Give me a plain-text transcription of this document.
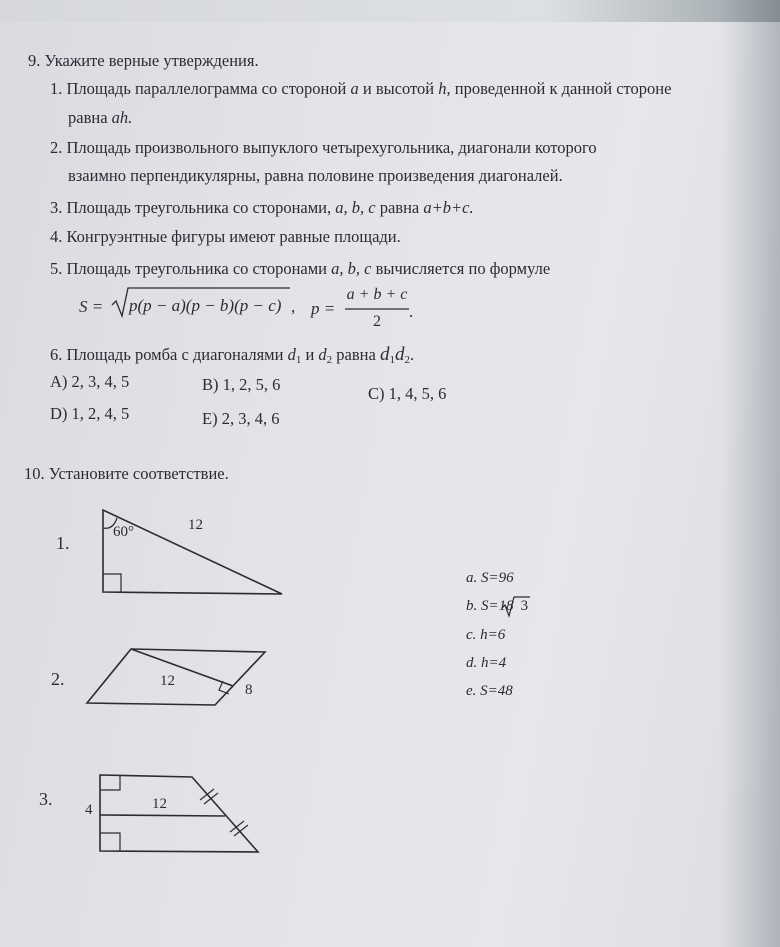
9. Укажите верные утверждения.
1. Площадь параллелограмма со стороной a и высотой h, проведенной к данной стороне
равна ah.
2. Площадь произвольного выпуклого четырехугольника, диагонали которого
взаимно перпендикулярны, равна половине произведения диагоналей.
3. Площадь треугольника со сторонами, a, b, c равна a+b+c.
4. Конгруэнтные фигуры имеют равные площади.
5. Площадь треугольника со сторонами a, b, c вычисляется по формуле
S = p(p − a)(p − b)(p − c) , p =
a + b + c
2
.
6. Площадь ромба с диагоналями $d_1$ и $d_2$ равна $d_1d_2$.
A) 2, 3, 4, 5	B) 1, 2, 5, 6	C) 1, 4, 5, 6
D) 1, 2, 4, 5	E) 2, 3, 4, 6
10. Установите соответствие.
1.
60°	12
2.	12
8
3.
4	12
a. S=96
b. S=18 3
c. h=6
d. h=4
e. S=48
